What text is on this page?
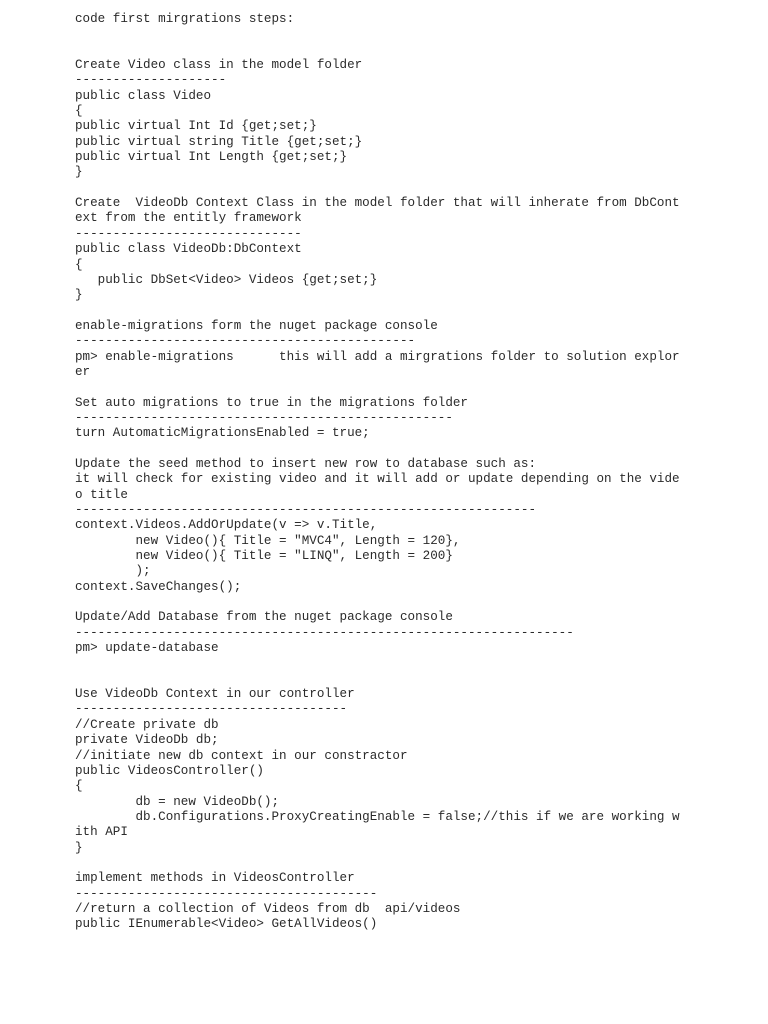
code first mirgrations steps:

Create Video class in the model folder
--------------------
public class Video
{
public virtual Int Id {get;set;}
public virtual string Title {get;set;}
public virtual Int Length {get;set;}
}

Create  VideoDb Context Class in the model folder that will inherate from DbCont
ext from the entitly framework
------------------------------
public class VideoDb:DbContext
{
public DbSet<Video> Videos {get;set;}
}

enable-migrations form the nuget package console
---------------------------------------------
pm> enable-migrations      this will add a mirgrations folder to solution explor
er

Set auto migrations to true in the migrations folder
--------------------------------------------------
turn AutomaticMigrationsEnabled = true;

Update the seed method to insert new row to database such as:
it will check for existing video and it will add or update depending on the vide
o title
-------------------------------------------------------------
context.Videos.AddOrUpdate(v => v.Title,
new Video(){ Title = "MVC4", Length = 120},
new Video(){ Title = "LINQ", Length = 200}
);
context.SaveChanges();

Update/Add Database from the nuget package console
------------------------------------------------------------------
pm> update-database

Use VideoDb Context in our controller
------------------------------------
//Create private db
private VideoDb db;
//initiate new db context in our constractor
public VideosController()
{
db = new VideoDb();
db.Configurations.ProxyCreatingEnable = false;//this if we are working w
ith API
}

implement methods in VideosController
----------------------------------------
//return a collection of Videos from db  api/videos
public IEnumerable<Video> GetAllVideos()
